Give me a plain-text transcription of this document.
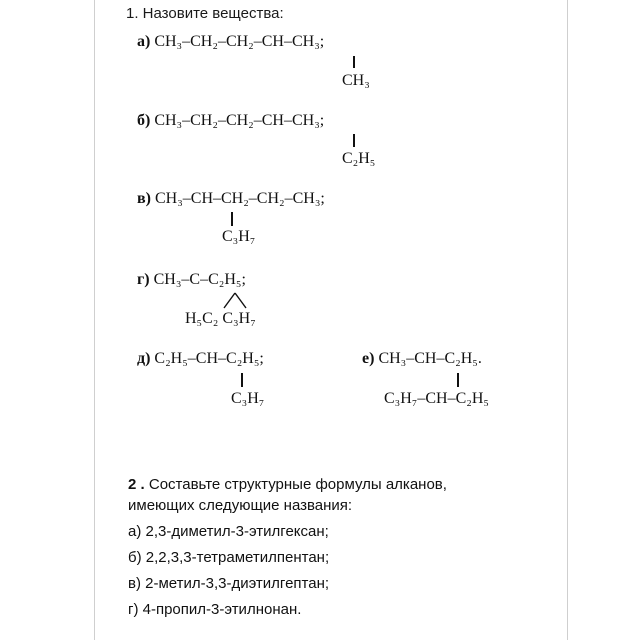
1. Назовите вещества:
а) CH₃–CH₂–CH₂–CH–CH₃;
CH₃
б) CH₃–CH₂–CH₂–CH–CH₃;
C₂H₅
в) CH₃–CH–CH₂–CH₂–CH₃;
C₃H₇
г) CH₃–C–C₂H₅;
H₅C₂ C₃H₇
д) C₂H₅–CH–C₂H₅;
C₃H₇
е) CH₃–CH–C₂H₅.
C₃H₇–CH–C₂H₅
2 . Составьте структурные формулы алканов,
имеющих следующие названия:
а) 2,3-диметил-3-этилгексан;
б) 2,2,3,3-тетраметилпентан;
в) 2-метил-3,3-диэтилгептан;
г) 4-пропил-3-этилнонан.
